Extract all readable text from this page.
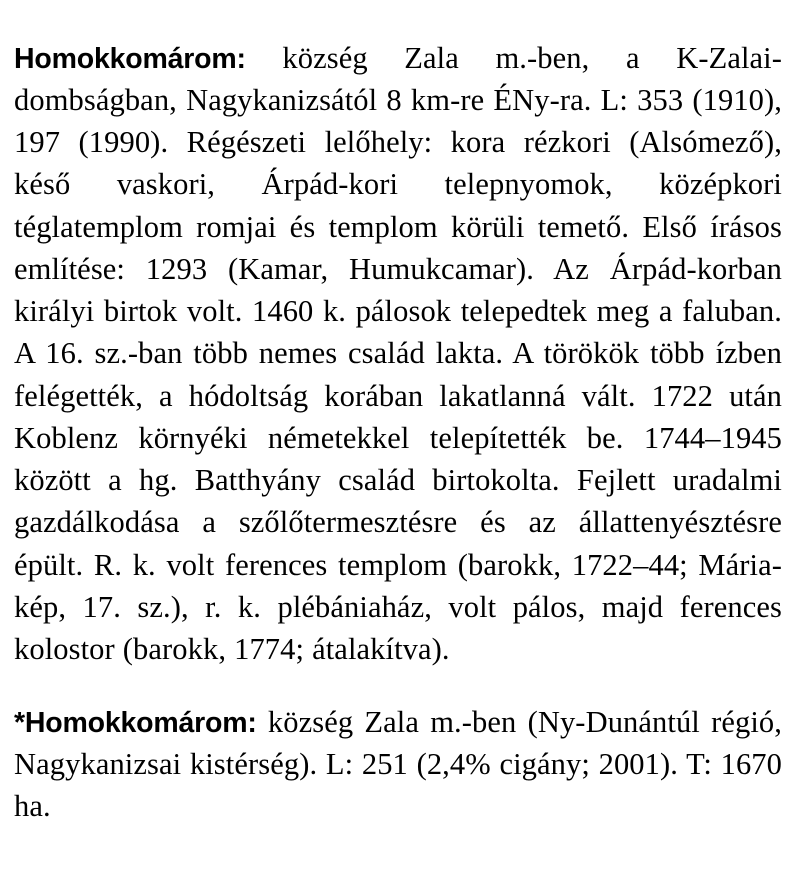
Homokkomárom: község Zala m.-ben, a K-Zalai-dombságban, Nagykanizsától 8 km-re ÉNy-ra. L: 353 (1910), 197 (1990). Régészeti lelőhely: kora rézkori (Alsómező), késő vaskori, Árpád-kori telepnyomok, középkori téglatemplom romjai és templom körüli temető. Első írásos említése: 1293 (Kamar, Humukcamar). Az Árpád-korban királyi birtok volt. 1460 k. pálosok telepedtek meg a faluban. A 16. sz.-ban több nemes család lakta. A törökök több ízben felégették, a hódoltság korában lakatlanná vált. 1722 után Koblenz környéki németekkel telepítették be. 1744–1945 között a hg. Batthyány család birtokolta. Fejlett uradalmi gazdálkodása a szőlőtermesztésre és az állattenyésztésre épült. R. k. volt ferences templom (barokk, 1722–44; Mária-kép, 17. sz.), r. k. plébániaház, volt pálos, majd ferences kolostor (barokk, 1774; átalakítva).

*Homokkomárom: község Zala m.-ben (Ny-Dunántúl régió, Nagykanizsai kistérség). L: 251 (2,4% cigány; 2001). T: 1670 ha.
